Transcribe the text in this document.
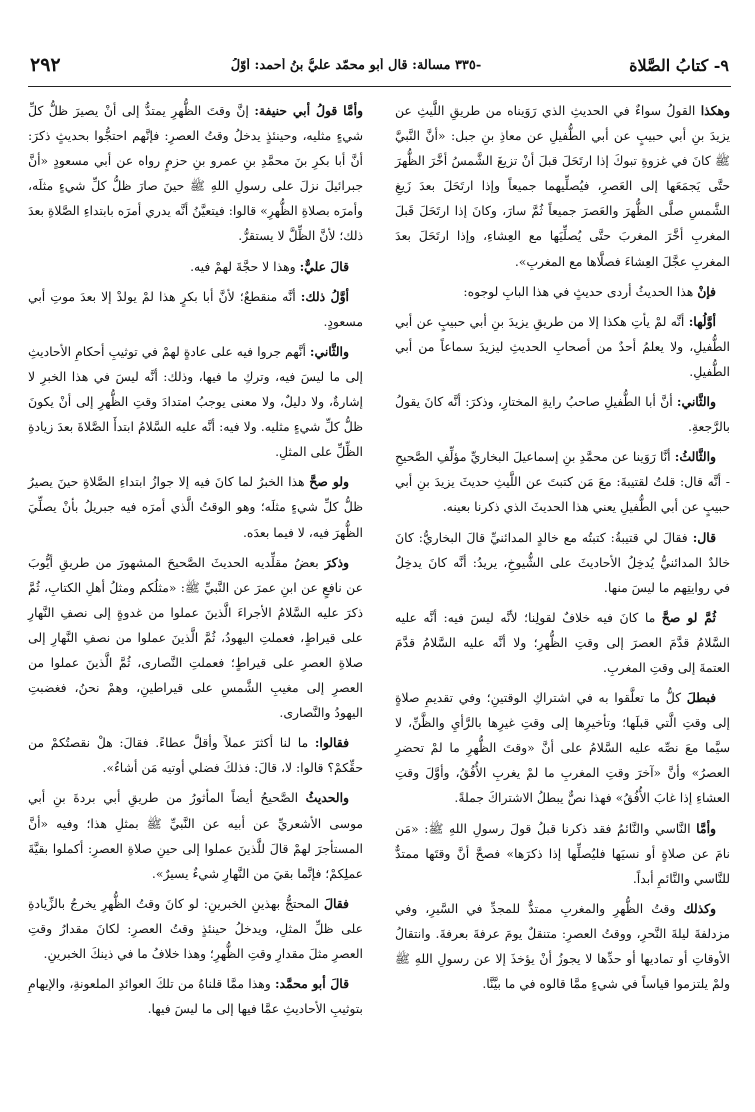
٩- كتابُ الصَّلاة
-٣٣٥ مسألة: قال أبو محمّد عليُّ بنُ أحمد: أوّلُ
٢٩٢

وهكذا القولُ سواءٌ في الحديثِ الذي رَوَيناه من طريقِ اللَّيثِ عن يزيدَ بنِ أبي حبيبٍ عن أبي الطُّفيلِ عن معاذِ بنِ جبل: «أنَّ النَّبيَّ ﷺ كانَ في غزوةِ تبوكَ إذا ارتَحَلَ قبلَ أنْ تزيغَ الشَّمسُ أخَّرَ الظُّهرَ حتَّى يَجمَعَها إلى العَصرِ، فيُصلِّيهما جميعاً وإذا ارتَحَلَ بعدَ زَيغِ الشَّمسِ صلَّى الظُّهرَ والعَصرَ جميعاً ثُمَّ سارَ، وكانَ إذا ارتَحَلَ قَبلَ المغربِ أخَّرَ المغربَ حتَّى يُصلِّيَها مع العِشاءِ، وإذا ارتَحَلَ بعدَ المغربِ عجَّلَ العِشاءَ فصلَّاها مع المغربِ».

فإنْ هذا الحديثُ أردى حديثٍ في هذا البابِ لوجوه:

أوَّلُها: أنَّه لمْ يأتِ هكذا إلا من طريقِ يزيدَ بنِ أبي حبيبٍ عن أبي الطُّفيلِ، ولا يعلمُ أحدٌ من أصحابِ الحديثِ ليزيدَ سماعاً من أبي الطُّفيلِ.

والثَّاني: أنَّ أبا الطُّفيلِ صاحبُ رايةِ المختارِ، وذكرَ: أنَّه كانَ يقولُ بالرَّجعةِ.

والثَّالثُ: أنَّا رَوَينا عن محمَّدِ بنِ إسماعيلَ البخاريِّ مؤلِّفِ الصَّحيحِ - أنَّه قال: قلتُ لقتيبةَ: معَ مَن كتبتَ عن اللَّيثِ حديثَ يزيدَ بنِ أبي حبيبٍ عن أبي الطُّفيلِ يعني هذا الحديثَ الذي ذكرنا بعينه.

قال: فقالَ لي قتيبةُ: كتبتُه مع خالدٍ المدائنيِّ قالَ البخاريُّ: كانَ خالدٌ المدائنيُّ يُدخِلُ الأحاديثَ على الشُّيوخِ، يريدُ: أنَّه كانَ يدخِلُ في روايتِهم ما ليسَ منها.

ثُمَّ لو صحَّ ما كانَ فيه خلافٌ لقولِنا؛ لأنَّه ليسَ فيه: أنَّه عليه السَّلامُ قدَّمَ العصرَ إلى وقتِ الظُّهرِ؛ ولا أنَّه عليه السَّلامُ قدَّمَ العتمةَ إلى وقتِ المغربِ.

فبطلَ كلُّ ما تعلَّقوا به في اشتراكِ الوقتينِ؛ وفي تقديمِ صلاةٍ إلى وقتِ الَّتي قبلَها؛ وتأخيرِها إلى وقتِ غيرِها بالرَّأيِ والظَّنِّ، لا سيَّما معَ نصِّه عليه السَّلامُ على أنَّ «وقتَ الظُّهرِ ما لمْ تحضرِ العصرُ» وأنَّ «آخرَ وقتِ المغربِ ما لمْ يغربِ الأُفُقُ، وأوَّلَ وقتِ العشاءِ إذا غابَ الأُفُقُ» فهذا نصٌّ يبطلُ الاشتراكَ جملةً.

وأمَّا النَّاسي والنَّائمُ فقد ذكرنا قبلُ قولَ رسولِ اللهِ ﷺ: «مَن نامَ عن صلاةٍ أو نسيَها فليُصلِّها إذا ذكرَها» فصحَّ أنَّ وقتَها ممتدٌّ للنَّاسي والنَّائمِ أبداً.

وكذلك وقتُ الظُّهرِ والمغربِ ممتدٌّ للمجدِّ في السَّيرِ، وفي مزدلفةَ ليلةَ النَّحرِ، ووقتُ العصرِ: متنقلٌ يومَ عرفةَ بعرفةَ. وانتقالُ الأوقاتِ أو تماديها أو حدِّها لا يجوزُ أنْ يؤخذَ إلا عن رسولِ اللهِ ﷺ ولمْ يلتزموا قياساً في شيءٍ ممَّا قالوه في ما بيَّنَّا.

وأمَّا قولُ أبي حنيفة: إنَّ وقتَ الظُّهرِ يمتدُّ إلى أنْ يصيرَ ظلُّ كلِّ شيءٍ مثليه، وحينئذٍ يدخلُ وقتُ العصرِ: فإنَّهم احتجُّوا بحديثٍ ذكرَ: أنَّ أبا بكرِ بنَ محمَّدِ بنِ عمرو بنِ حزمٍ رواه عن أبي مسعودٍ «أنَّ جبرائيلَ نزلَ على رسولِ اللهِ ﷺ حينَ صارَ ظلُّ كلِّ شيءٍ مثلَه، وأمرَه بصلاةِ الظُّهرِ» قالوا: فيتعيَّنُ أنَّه يدري أمرَه بابتداءِ الصَّلاةِ بعدَ ذلك؛ لأنَّ الظِّلَّ لا يستقرُّ.

قالَ عليٌّ: وهذا لا حجَّةَ لهمْ فيه.

أوَّلُ ذلك: أنَّه منقطعٌ؛ لأنَّ أبا بكرٍ هذا لمْ يولدْ إلا بعدَ موتِ أبي مسعودٍ.

والثَّاني: أنَّهم جروا فيه على عادةٍ لهمْ في توثيبِ أحكامِ الأحاديثِ إلى ما ليسَ فيه، وتركِ ما فيها، وذلك: أنَّه ليسَ في هذا الخبرِ لا إشارةٌ، ولا دليلٌ، ولا معنى يوجبُ امتدادَ وقتِ الظُّهرِ إلى أنْ يكونَ ظلُّ كلِّ شيءٍ مثليه. ولا فيه: أنَّه عليه السَّلامُ ابتدأَ الصَّلاةَ بعدَ زيادةِ الظِّلِّ على المثلِ.

ولو صحَّ هذا الخبرُ لما كانَ فيه إلا جوازُ ابتداءِ الصَّلاةِ حينَ يصيرُ ظلُّ كلِّ شيءٍ مثلَه؛ وهو الوقتُ الَّذي أمرَه فيه جبريلُ بأنْ يصلِّيَ الظُّهرَ فيه، لا فيما بعدَه.

وذكرَ بعضُ مقلِّديه الحديثَ الصَّحيحَ المشهورَ من طريقِ أيُّوبَ عن نافعٍ عن ابنِ عمرَ عن النَّبيِّ ﷺ: «مثلُكم ومثلُ أهلِ الكتابِ، ثُمَّ ذكرَ عليه السَّلامُ الأجراءَ الَّذينَ عملوا من غدوةٍ إلى نصفِ النَّهارِ على قيراطٍ، فعملتِ اليهودُ، ثُمَّ الَّذينَ عملوا من نصفِ النَّهارِ إلى صلاةِ العصرِ على قيراطٍ؛ فعملتِ النَّصارى، ثُمَّ الَّذينَ عملوا من العصرِ إلى مغيبِ الشَّمسِ على قيراطينِ، وهمْ نحنُ، فغضبتِ اليهودُ والنَّصارى.

فقالوا: ما لنا أكثرَ عملاً وأقلَّ عطاءً. فقالَ: هلْ نقصتُكمْ من حقِّكمْ؟ قالوا: لا، قالَ: فذلكَ فضلي أوتيه مَن أشاءُ».

والحديثُ الصَّحيحُ أيضاً المأثورُ من طريقِ أبي بردةَ بنِ أبي موسى الأشعريِّ عن أبيه عن النَّبيِّ ﷺ بمثلِ هذا؛ وفيه «أنَّ المستأجرَ لهمْ قالَ للَّذينَ عملوا إلى حينِ صلاةِ العصرِ: أكملوا بقيَّةَ عملِكمْ؛ فإنَّما بقيَ من النَّهارِ شيءٌ يسيرٌ».

فقالَ المحتجُّ بهذينِ الخبرينِ: لو كانَ وقتُ الظُّهرِ يخرجُ بالزِّيادةِ على ظلِّ المثلِ، ويدخلُ حينئذٍ وقتُ العصرِ: لكانَ مقدارُ وقتِ العصرِ مثلَ مقدارِ وقتِ الظُّهرِ؛ وهذا خلافُ ما في ذينكَ الخبرينِ.

قالَ أبو محمَّد: وهذا ممَّا قلناهُ من تلكَ العوائدِ الملعونةِ، والإيهامِ بتوثيبِ الأحاديثِ عمَّا فيها إلى ما ليسَ فيها.
